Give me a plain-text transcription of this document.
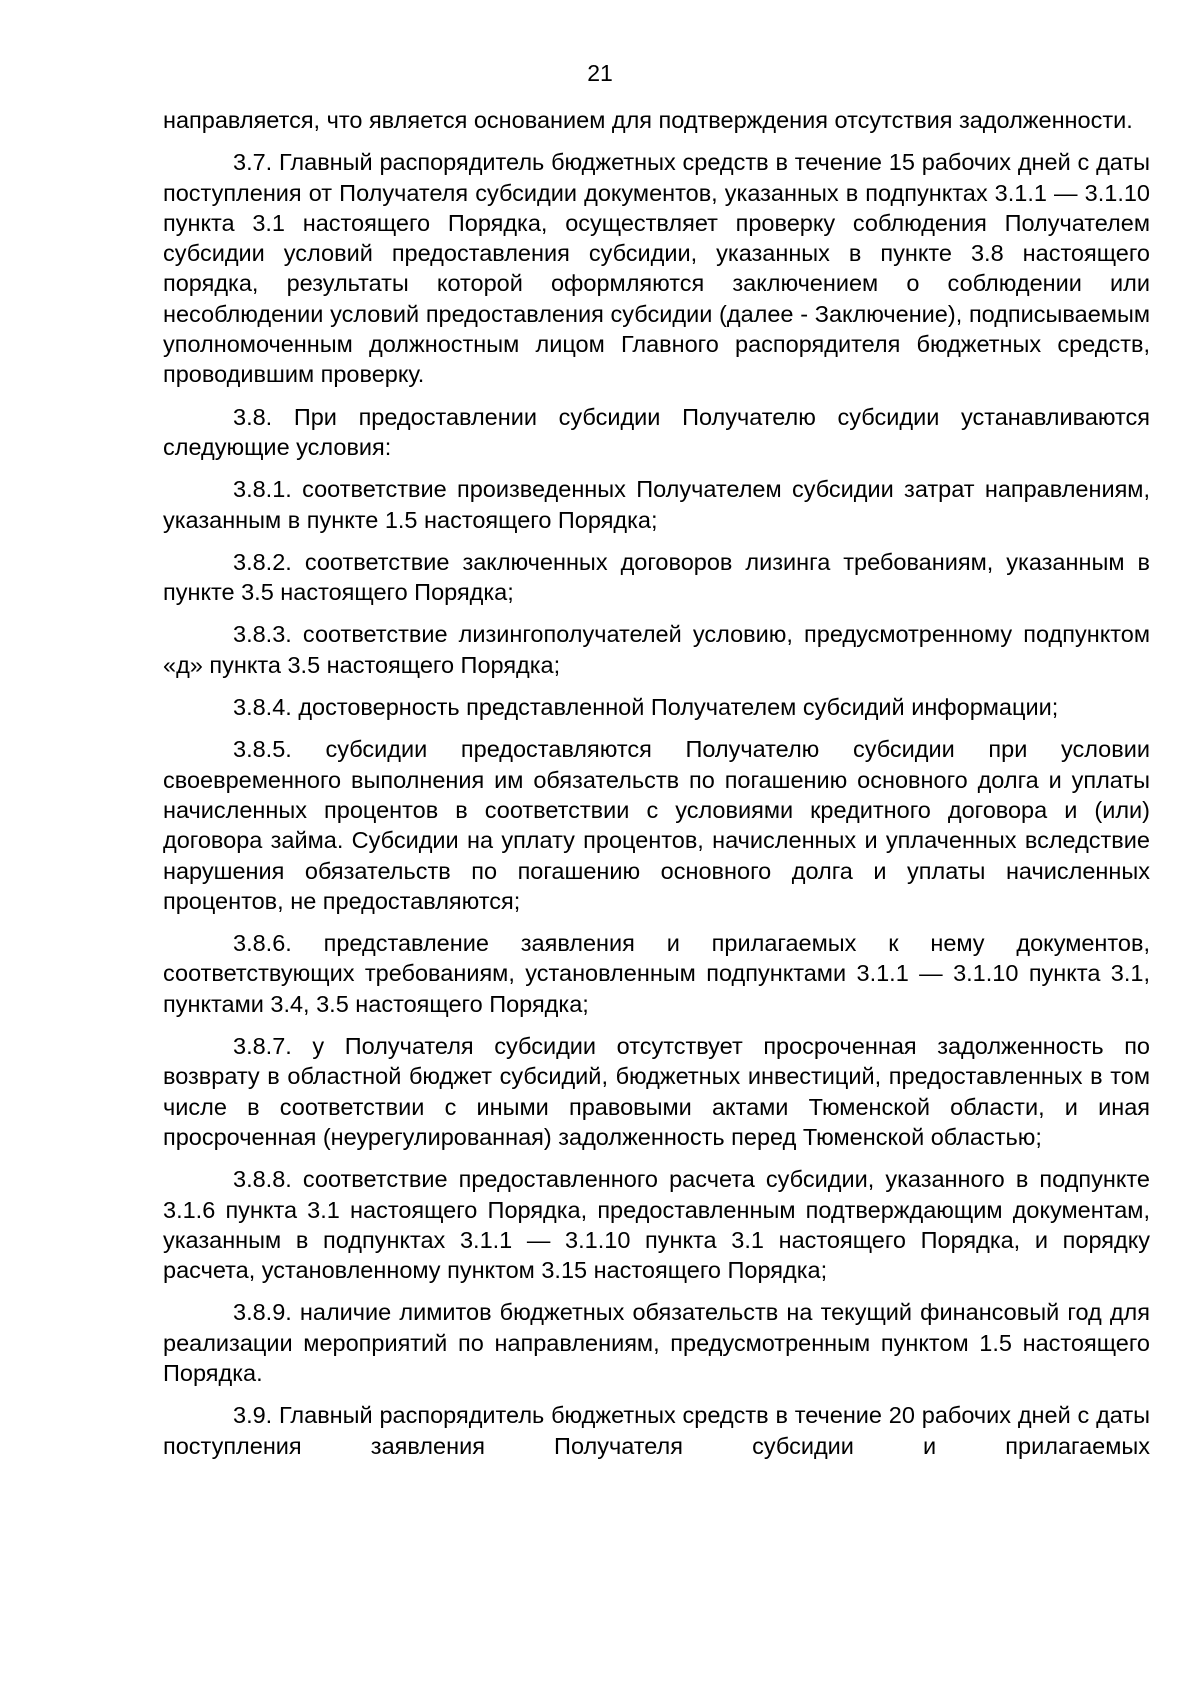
21

направляется, что является основанием для подтверждения отсутствия задолженности.

3.7. Главный распорядитель бюджетных средств в течение 15 рабочих дней с даты поступления от Получателя субсидии документов, указанных в подпунктах 3.1.1 — 3.1.10 пункта 3.1 настоящего Порядка, осуществляет проверку соблюдения Получателем субсидии условий предоставления субсидии, указанных в пункте 3.8 настоящего порядка, результаты которой оформляются заключением о соблюдении или несоблюдении условий предоставления субсидии (далее - Заключение), подписываемым уполномоченным должностным лицом Главного распорядителя бюджетных средств, проводившим проверку.

3.8. При предоставлении субсидии Получателю субсидии устанавливаются следующие условия:

3.8.1. соответствие произведенных Получателем субсидии затрат направлениям, указанным в пункте 1.5 настоящего Порядка;

3.8.2. соответствие заключенных договоров лизинга требованиям, указанным в пункте 3.5 настоящего Порядка;

3.8.3. соответствие лизингополучателей условию, предусмотренному подпунктом «д» пункта 3.5 настоящего Порядка;

3.8.4. достоверность представленной Получателем субсидий информации;

3.8.5. субсидии предоставляются Получателю субсидии при условии своевременного выполнения им обязательств по погашению основного долга и уплаты начисленных процентов в соответствии с условиями кредитного договора и (или) договора займа. Субсидии на уплату процентов, начисленных и уплаченных вследствие нарушения обязательств по погашению основного долга и уплаты начисленных процентов, не предоставляются;

3.8.6. представление заявления и прилагаемых к нему документов, соответствующих требованиям, установленным подпунктами 3.1.1 — 3.1.10 пункта 3.1, пунктами 3.4, 3.5 настоящего Порядка;

3.8.7. у Получателя субсидии отсутствует просроченная задолженность по возврату в областной бюджет субсидий, бюджетных инвестиций, предоставленных в том числе в соответствии с иными правовыми актами Тюменской области, и иная просроченная (неурегулированная) задолженность перед Тюменской областью;

3.8.8. соответствие предоставленного расчета субсидии, указанного в подпункте 3.1.6 пункта 3.1 настоящего Порядка, предоставленным подтверждающим документам, указанным в подпунктах 3.1.1 — 3.1.10 пункта 3.1 настоящего Порядка, и порядку расчета, установленному пунктом 3.15 настоящего Порядка;

3.8.9. наличие лимитов бюджетных обязательств на текущий финансовый год для реализации мероприятий по направлениям, предусмотренным пунктом 1.5 настоящего Порядка.

3.9. Главный распорядитель бюджетных средств в течение 20 рабочих дней с даты поступления заявления Получателя субсидии и прилагаемых
